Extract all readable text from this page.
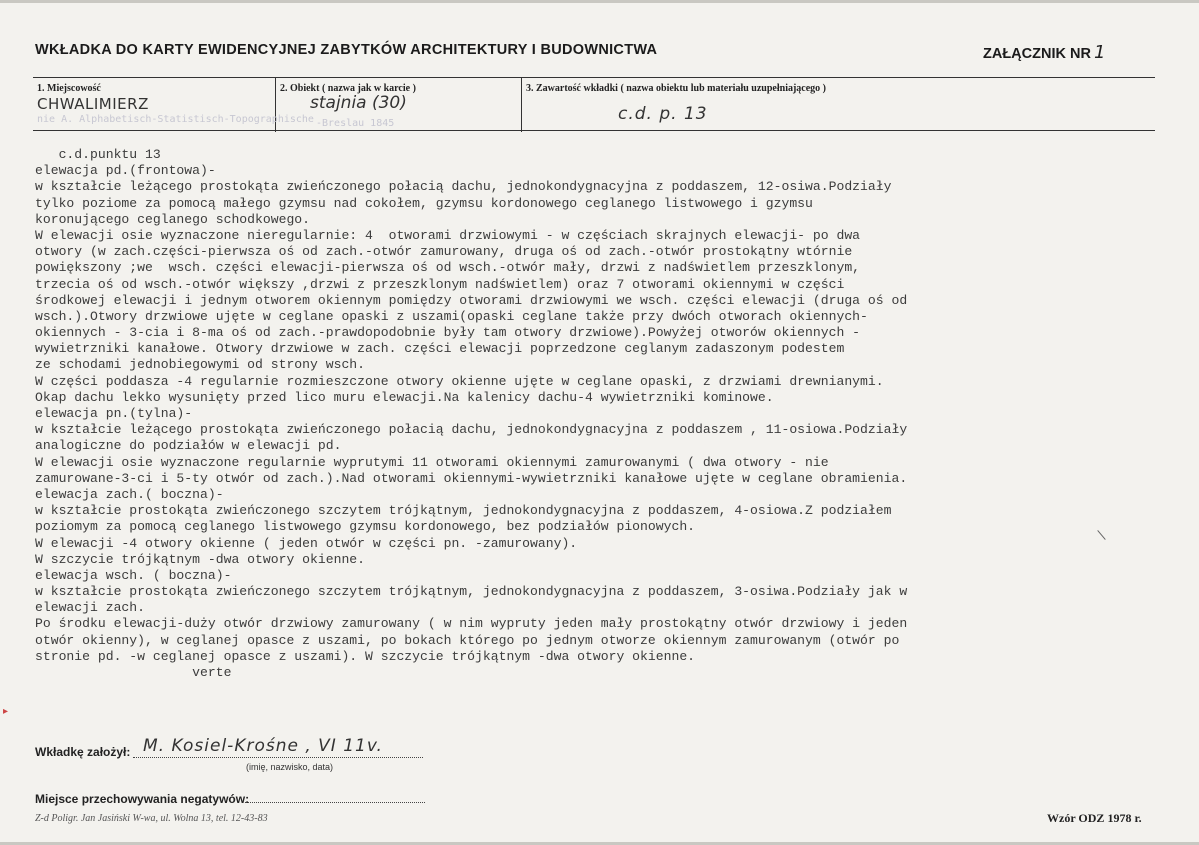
WKŁADKA DO KARTY EWIDENCYJNEJ ZABYTKÓW ARCHITEKTURY I BUDOWNICTWA	ZAŁĄCZNIK NR 1
1. Miejscowość
CHWALIMIERZ
nie A. Alphabetisch-Statistisch-Topographische
2. Obiekt ( nazwa jak w karcie )
stajnia (30)
3. Zawartość wkładki ( nazwa obiektu lub materiału uzupełniającego )
c.d. p. 13
-Breslau 1845
c.d.punktu 13
elewacja pd.(frontowa)-
w kształcie leżącego prostokąta zwieńczonego połacią dachu, jednokondygnacyjna z poddaszem, 12-osiwa.Podziały
tylko poziome za pomocą małego gzymsu nad cokołem, gzymsu kordonowego ceglanego listwowego i gzymsu
koronującego ceglanego schodkowego.
W elewacji osie wyznaczone nieregularnie: 4  otworami drzwiowymi - w częściach skrajnych elewacji- po dwa
otwory (w zach.części-pierwsza oś od zach.-otwór zamurowany, druga oś od zach.-otwór prostokątny wtórnie
powiększony ;we  wsch. części elewacji-pierwsza oś od wsch.-otwór mały, drzwi z nadświetlem przeszklonym,
trzecia oś od wsch.-otwór większy ,drzwi z przeszklonym nadświetlem) oraz 7 otworami okiennymi w części
środkowej elewacji i jednym otworem okiennym pomiędzy otworami drzwiowymi we wsch. części elewacji (druga oś od
wsch.).Otwory drzwiowe ujęte w ceglane opaski z uszami(opaski ceglane także przy dwóch otworach okiennych-
okiennych - 3-cia i 8-ma oś od zach.-prawdopodobnie były tam otwory drzwiowe).Powyżej otworów okiennych -
wywietrzniki kanałowe. Otwory drzwiowe w zach. części elewacji poprzedzone ceglanym zadaszonym podestem
ze schodami jednobiegowymi od strony wsch.
W części poddasza -4 regularnie rozmieszczone otwory okienne ujęte w ceglane opaski, z drzwiami drewnianymi.
Okap dachu lekko wysunięty przed lico muru elewacji.Na kalenicy dachu-4 wywietrzniki kominowe.
elewacja pn.(tylna)-
w kształcie leżącego prostokąta zwieńczonego połacią dachu, jednokondygnacyjna z poddaszem , 11-osiowa.Podziały
analogiczne do podziałów w elewacji pd.
W elewacji osie wyznaczone regularnie wyprutymi 11 otworami okiennymi zamurowanymi ( dwa otwory - nie
zamurowane-3-ci i 5-ty otwór od zach.).Nad otworami okiennymi-wywietrzniki kanałowe ujęte w ceglane obramienia.
elewacja zach.( boczna)-
w kształcie prostokąta zwieńczonego szczytem trójkątnym, jednokondygnacyjna z poddaszem, 4-osiowa.Z podziałem
poziomym za pomocą ceglanego listwowego gzymsu kordonowego, bez podziałów pionowych.
W elewacji -4 otwory okienne ( jeden otwór w części pn. -zamurowany).
W szczycie trójkątnym -dwa otwory okienne.
elewacja wsch. ( boczna)-
w kształcie prostokąta zwieńczonego szczytem trójkątnym, jednokondygnacyjna z poddaszem, 3-osiwa.Podziały jak w
elewacji zach.
Po środku elewacji-duży otwór drzwiowy zamurowany ( w nim wypruty jeden mały prostokątny otwór drzwiowy i jeden
otwór okienny), w ceglanej opasce z uszami, po bokach którego po jednym otworze okiennym zamurowanym (otwór po
stronie pd. -w ceglanej opasce z uszami). W szczycie trójkątnym -dwa otwory okienne.
verte
▸
Wkładkę założył: M. Kosiel-Krośne , VI 11v.
(imię, nazwisko, data)
Miejsce przechowywania negatywów:
Z-d Poligr. Jan Jasiński W-wa, ul. Wolna 13, tel. 12-43-83	Wzór ODZ 1978 r.
